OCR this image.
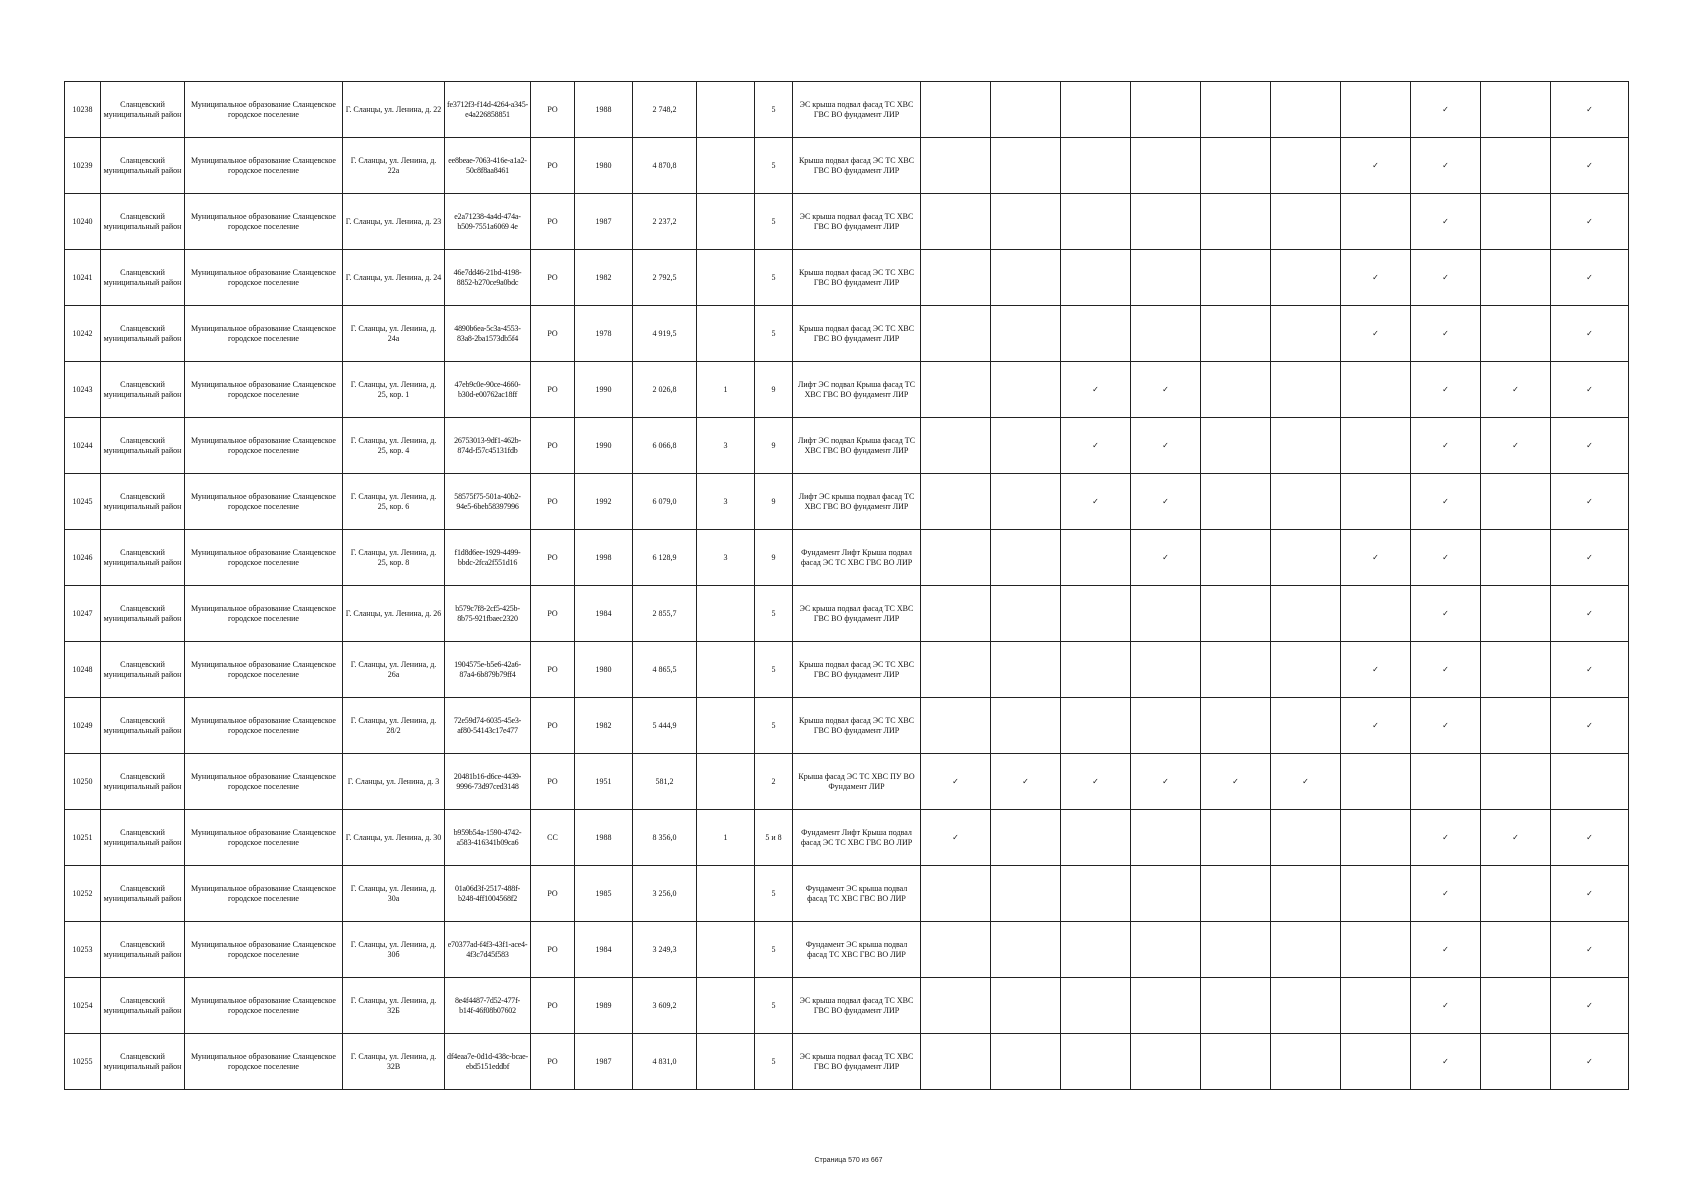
10238	Сланцевский муниципальный район	Муниципальное образование Сланцевское городское поселение	Г. Сланцы, ул. Ленина, д. 22	fe3712f3-f14d-4264-a345-e4a226858851	РО	1988	2 748,2		5	ЭС крыша подвал фасад ТС ХВС ГВС ВО фундамент ЛИР								✓		✓
10239	Сланцевский муниципальный район	Муниципальное образование Сланцевское городское поселение	Г. Сланцы, ул. Ленина, д. 22а	ee8beae-7063-416e-a1a2-50c8f8aa8461	РО	1980	4 870,8		5	Крыша подвал фасад ЭС ТС ХВС ГВС ВО фундамент ЛИР							✓	✓		✓
10240	Сланцевский муниципальный район	Муниципальное образование Сланцевское городское поселение	Г. Сланцы, ул. Ленина, д. 23	e2a71238-4a4d-474a-b509-7551a6069 4e	РО	1987	2 237,2		5	ЭС крыша подвал фасад ТС ХВС ГВС ВО фундамент ЛИР								✓		✓
10241	Сланцевский муниципальный район	Муниципальное образование Сланцевское городское поселение	Г. Сланцы, ул. Ленина, д. 24	46e7dd46-21bd-4198-8852-b270ce9a0bdc	РО	1982	2 792,5		5	Крыша подвал фасад ЭС ТС ХВС ГВС ВО фундамент ЛИР							✓	✓		✓
10242	Сланцевский муниципальный район	Муниципальное образование Сланцевское городское поселение	Г. Сланцы, ул. Ленина, д. 24а	4890b6ea-5c3a-4553-83a8-2ba1573db5f4	РО	1978	4 919,5		5	Крыша подвал фасад ЭС ТС ХВС ГВС ВО фундамент ЛИР							✓	✓		✓
10243	Сланцевский муниципальный район	Муниципальное образование Сланцевское городское поселение	Г. Сланцы, ул. Ленина, д. 25, кор. 1	47eb9c0e-90ce-4660-b30d-e00762ac18ff	РО	1990	2 026,8	1	9	Лифт ЭС подвал Крыша фасад ТС ХВС ГВС ВО фундамент ЛИР			✓	✓				✓	✓	✓
10244	Сланцевский муниципальный район	Муниципальное образование Сланцевское городское поселение	Г. Сланцы, ул. Ленина, д. 25, кор. 4	26753013-9df1-462b-874d-f57c45131fdb	РО	1990	6 066,8	3	9	Лифт ЭС подвал Крыша фасад ТС ХВС ГВС ВО фундамент ЛИР			✓	✓				✓	✓	✓
10245	Сланцевский муниципальный район	Муниципальное образование Сланцевское городское поселение	Г. Сланцы, ул. Ленина, д. 25, кор. 6	58575f75-501a-40b2-94e5-6beb58397996	РО	1992	6 079,0	3	9	Лифт ЭС крыша подвал фасад ТС ХВС ГВС ВО фундамент ЛИР			✓	✓				✓		✓
10246	Сланцевский муниципальный район	Муниципальное образование Сланцевское городское поселение	Г. Сланцы, ул. Ленина, д. 25, кор. 8	f1d8d6ee-1929-4499-bbdc-2fca2f551d16	РО	1998	6 128,9	3	9	Фундамент Лифт Крыша подвал фасад ЭС ТС ХВС ГВС ВО ЛИР				✓			✓	✓		✓
10247	Сланцевский муниципальный район	Муниципальное образование Сланцевское городское поселение	Г. Сланцы, ул. Ленина, д. 26	b579c7f8-2cf5-425b-8b75-921fbaec2320	РО	1984	2 855,7		5	ЭС крыша подвал фасад ТС ХВС ГВС ВО фундамент ЛИР								✓		✓
10248	Сланцевский муниципальный район	Муниципальное образование Сланцевское городское поселение	Г. Сланцы, ул. Ленина, д. 26а	1904575e-b5e6-42a6-87a4-6b879b79ff4	РО	1980	4 865,5		5	Крыша подвал фасад ЭС ТС ХВС ГВС ВО фундамент ЛИР							✓	✓		✓
10249	Сланцевский муниципальный район	Муниципальное образование Сланцевское городское поселение	Г. Сланцы, ул. Ленина, д. 28/2	72e59d74-6035-45e3-af80-54143c17e477	РО	1982	5 444,9		5	Крыша подвал фасад ЭС ТС ХВС ГВС ВО фундамент ЛИР							✓	✓		✓
10250	Сланцевский муниципальный район	Муниципальное образование Сланцевское городское поселение	Г. Сланцы, ул. Ленина, д. 3	20481b16-d6ce-4439-9996-73d97ced3148	РО	1951	581,2		2	Крыша фасад ЭС ТС ХВС ПУ ВО Фундамент ЛИР	✓	✓	✓	✓	✓	✓				
10251	Сланцевский муниципальный район	Муниципальное образование Сланцевское городское поселение	Г. Сланцы, ул. Ленина, д. 30	b959b54a-1590-4742-a583-416341b09ca6	СС	1988	8 356,0	1	5 и 8	Фундамент Лифт Крыша подвал фасад ЭС ТС ХВС ГВС ВО ЛИР	✓							✓	✓	✓
10252	Сланцевский муниципальный район	Муниципальное образование Сланцевское городское поселение	Г. Сланцы, ул. Ленина, д. 30а	01a06d3f-2517-488f-b248-4ff1004568f2	РО	1985	3 256,0		5	Фундамент ЭС крыша подвал фасад ТС ХВС ГВС ВО ЛИР								✓		✓
10253	Сланцевский муниципальный район	Муниципальное образование Сланцевское городское поселение	Г. Сланцы, ул. Ленина, д. 30б	e70377ad-f4f3-43f1-ace4-4f3c7d45f583	РО	1984	3 249,3		5	Фундамент ЭС крыша подвал фасад ТС ХВС ГВС ВО ЛИР								✓		✓
10254	Сланцевский муниципальный район	Муниципальное образование Сланцевское городское поселение	Г. Сланцы, ул. Ленина, д. 32Б	8e4f4487-7d52-477f-b14f-46f08b07602	РО	1989	3 609,2		5	ЭС крыша подвал фасад ТС ХВС ГВС ВО фундамент ЛИР								✓		✓
10255	Сланцевский муниципальный район	Муниципальное образование Сланцевское городское поселение	Г. Сланцы, ул. Ленина, д. 32В	df4eaa7e-0d1d-438c-bcae-ebd5151eddbf	РО	1987	4 831,0		5	ЭС крыша подвал фасад ТС ХВС ГВС ВО фундамент ЛИР								✓		✓
Страница 570 из 667
